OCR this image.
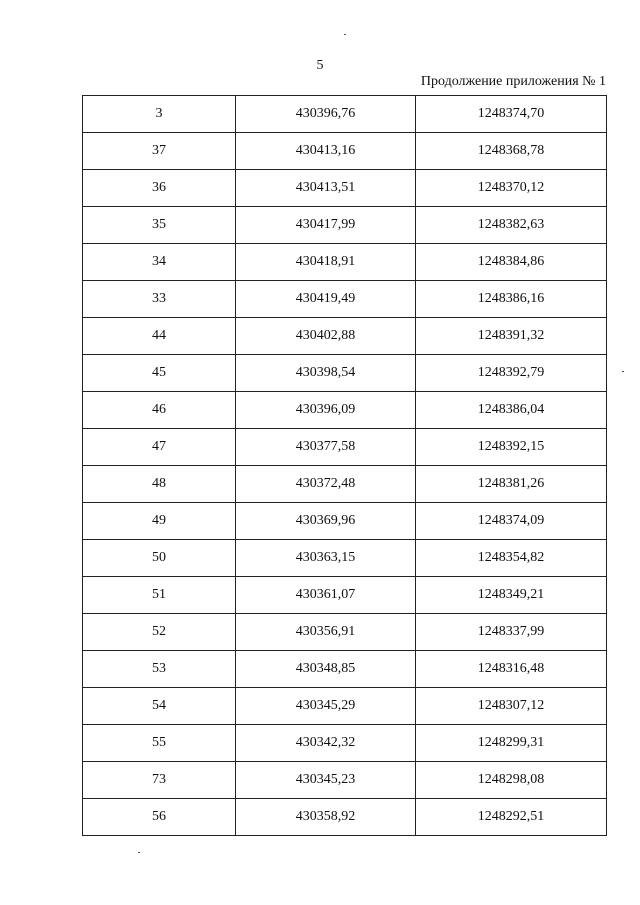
5
Продолжение приложения № 1
3	430396,76	1248374,70
37	430413,16	1248368,78
36	430413,51	1248370,12
35	430417,99	1248382,63
34	430418,91	1248384,86
33	430419,49	1248386,16
44	430402,88	1248391,32
45	430398,54	1248392,79
46	430396,09	1248386,04
47	430377,58	1248392,15
48	430372,48	1248381,26
49	430369,96	1248374,09
50	430363,15	1248354,82
51	430361,07	1248349,21
52	430356,91	1248337,99
53	430348,85	1248316,48
54	430345,29	1248307,12
55	430342,32	1248299,31
73	430345,23	1248298,08
56	430358,92	1248292,51
